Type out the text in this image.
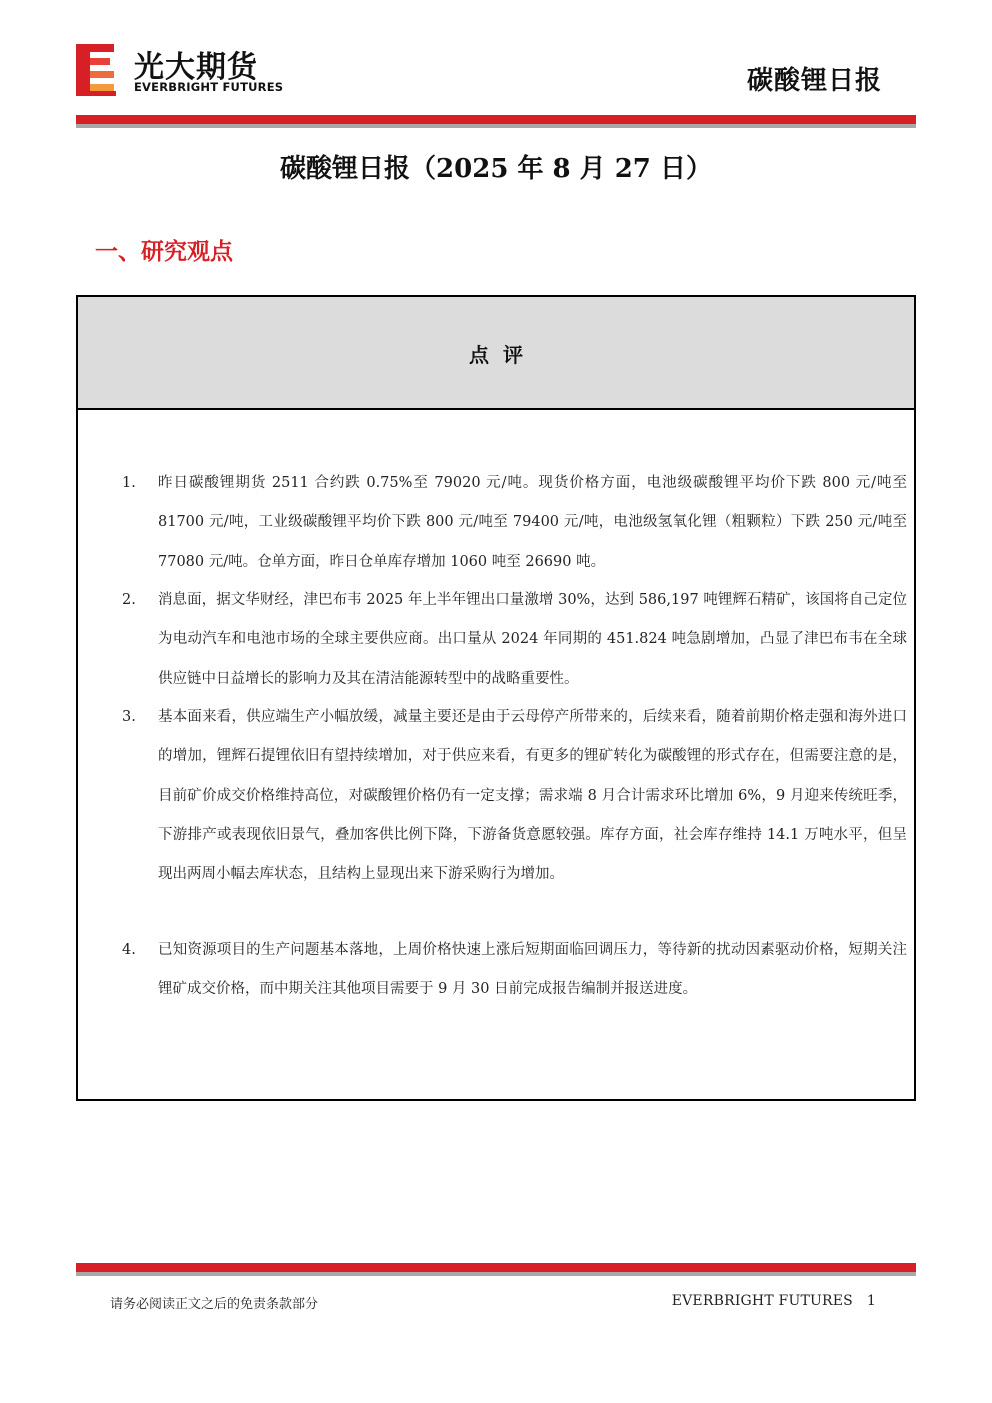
光大期货
EVERBRIGHT FUTURES	碳酸锂日报
碳酸锂日报（2025 年 8 月 27 日）
一、研究观点
点评
1. 昨日碳酸锂期货 2511 合约跌 0.75%至 79020 元/吨。现货价格方面，电池级碳酸锂平均价下跌 800 元/吨至 81700 元/吨，工业级碳酸锂平均价下跌 800 元/吨至 79400 元/吨，电池级氢氧化锂（粗颗粒）下跌 250 元/吨至 77080 元/吨。仓单方面，昨日仓单库存增加 1060 吨至 26690 吨。
2. 消息面，据文华财经，津巴布韦 2025 年上半年锂出口量激增 30%，达到 586,197 吨锂辉石精矿，该国将自己定位为电动汽车和电池市场的全球主要供应商。出口量从 2024 年同期的 451.824 吨急剧增加，凸显了津巴布韦在全球供应链中日益增长的影响力及其在清洁能源转型中的战略重要性。
3. 基本面来看，供应端生产小幅放缓，减量主要还是由于云母停产所带来的，后续来看，随着前期价格走强和海外进口的增加，锂辉石提锂依旧有望持续增加，对于供应来看，有更多的锂矿转化为碳酸锂的形式存在，但需要注意的是，目前矿价成交价格维持高位，对碳酸锂价格仍有一定支撑；需求端 8 月合计需求环比增加 6%，9 月迎来传统旺季，下游排产或表现依旧景气，叠加客供比例下降，下游备货意愿较强。库存方面，社会库存维持 14.1 万吨水平，但呈现出两周小幅去库状态，且结构上显现出来下游采购行为增加。
4. 已知资源项目的生产问题基本落地，上周价格快速上涨后短期面临回调压力，等待新的扰动因素驱动价格，短期关注锂矿成交价格，而中期关注其他项目需要于 9 月 30 日前完成报告编制并报送进度。
请务必阅读正文之后的免责条款部分	EVERBRIGHT FUTURES 1
